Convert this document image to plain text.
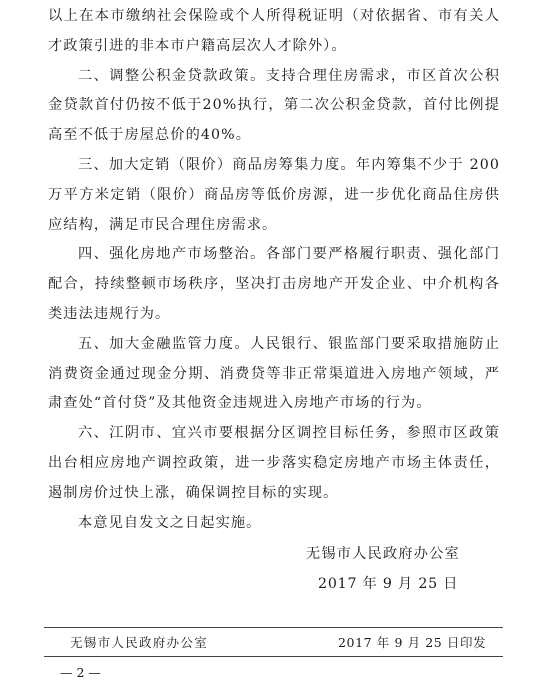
以上在本市缴纳社会保险或个人所得税证明（对依据省、市有关人才政策引进的非本市户籍高层次人才除外）。

二、调整公积金贷款政策。支持合理住房需求，市区首次公积金贷款首付仍按不低于20%执行，第二次公积金贷款，首付比例提高至不低于房屋总价的40%。

三、加大定销（限价）商品房筹集力度。年内筹集不少于 200 万平方米定销（限价）商品房等低价房源，进一步优化商品住房供应结构，满足市民合理住房需求。

四、强化房地产市场整治。各部门要严格履行职责、强化部门配合，持续整顿市场秩序，坚决打击房地产开发企业、中介机构各类违法违规行为。

五、加大金融监管力度。人民银行、银监部门要采取措施防止消费资金通过现金分期、消费贷等非正常渠道进入房地产领域，严肃查处“首付贷”及其他资金违规进入房地产市场的行为。

六、江阴市、宜兴市要根据分区调控目标任务，参照市区政策出台相应房地产调控政策，进一步落实稳定房地产市场主体责任，遏制房价过快上涨，确保调控目标的实现。

本意见自发文之日起实施。

无锡市人民政府办公室
2017 年 9 月 25 日
无锡市人民政府办公室	2017 年 9 月 25 日印发
— 2 —
